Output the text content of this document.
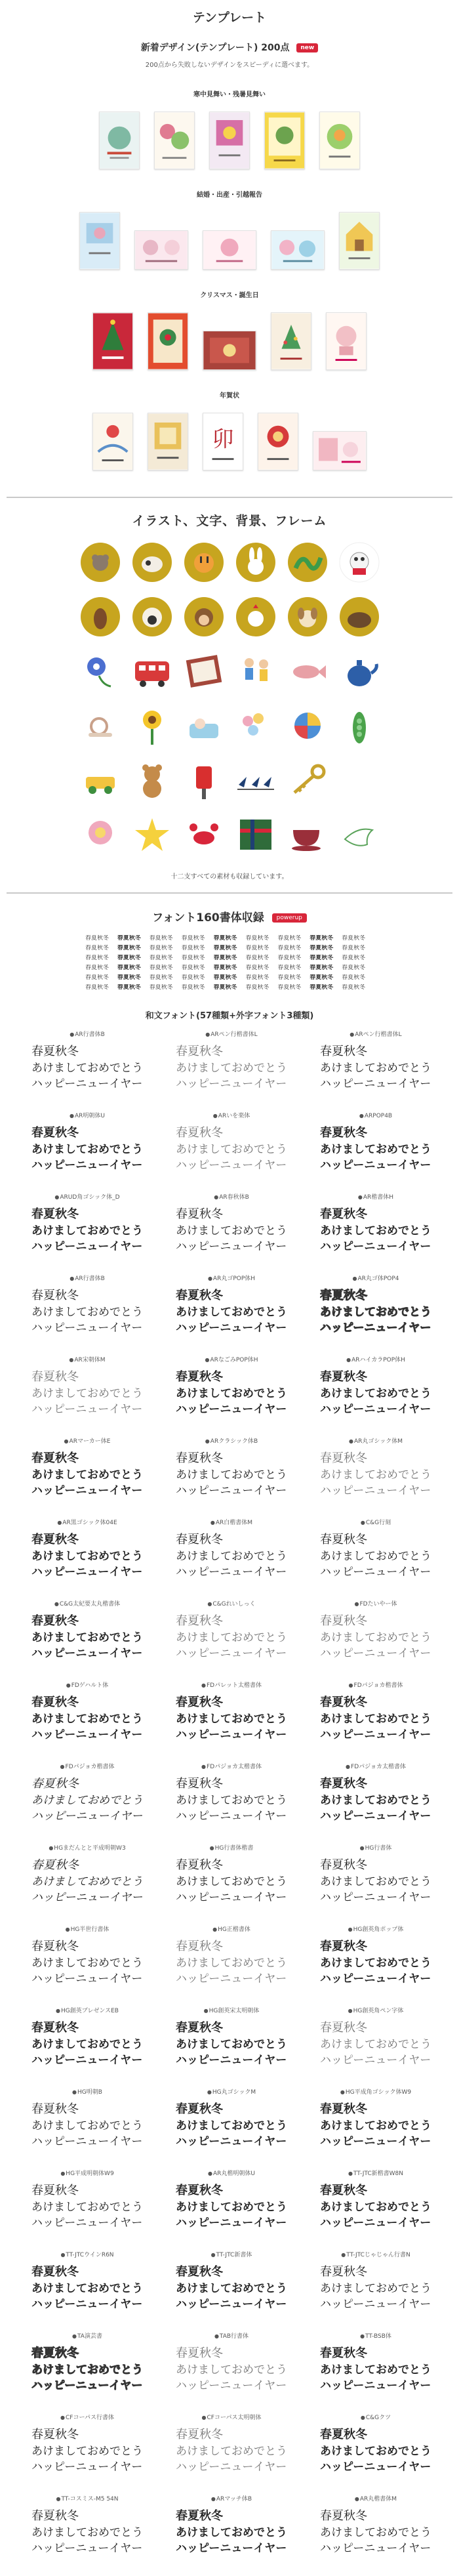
テンプレート
新着デザイン(テンプレート) 200点 new
200点から失敗しないデザインをスピーディに選べます。
寒中見舞い・残暑見舞い
結婚・出産・引越報告
クリスマス・誕生日
年賀状
卯
イラスト、文字、背景、フレーム
十二支すべての素材も収録しています。
フォント160書体収録 powerup
春夏秋冬	春夏秋冬	春夏秋冬	春夏秋冬	春夏秋冬	春夏秋冬	春夏秋冬	春夏秋冬	春夏秋冬
春夏秋冬	春夏秋冬	春夏秋冬	春夏秋冬	春夏秋冬	春夏秋冬	春夏秋冬	春夏秋冬	春夏秋冬
春夏秋冬	春夏秋冬	春夏秋冬	春夏秋冬	春夏秋冬	春夏秋冬	春夏秋冬	春夏秋冬	春夏秋冬
春夏秋冬	春夏秋冬	春夏秋冬	春夏秋冬	春夏秋冬	春夏秋冬	春夏秋冬	春夏秋冬	春夏秋冬
春夏秋冬	春夏秋冬	春夏秋冬	春夏秋冬	春夏秋冬	春夏秋冬	春夏秋冬	春夏秋冬	春夏秋冬
春夏秋冬	春夏秋冬	春夏秋冬	春夏秋冬	春夏秋冬	春夏秋冬	春夏秋冬	春夏秋冬	春夏秋冬
和文フォント(57種類+外字フォント3種類)
● AR行書体B
春夏秋冬
あけましておめでとう
ハッピーニューイヤー
● ARペン行楷書体L
春夏秋冬
あけましておめでとう
ハッピーニューイヤー
● ARペン行楷書体L
春夏秋冬
あけましておめでとう
ハッピーニューイヤー
● AR明朝体U
春夏秋冬
あけましておめでとう
ハッピーニューイヤー
● ARいを楽体
春夏秋冬
あけましておめでとう
ハッピーニューイヤー
● ARPOP4B
春夏秋冬
あけましておめでとう
ハッピーニューイヤー
● ARUD角ゴシック体_D
春夏秋冬
あけましておめでとう
ハッピーニューイヤー
● AR春秋体B
春夏秋冬
あけましておめでとう
ハッピーニューイヤー
● AR楷書体H
春夏秋冬
あけましておめでとう
ハッピーニューイヤー
● AR行書体B
春夏秋冬
あけましておめでとう
ハッピーニューイヤー
● AR丸ゴPOP体H
春夏秋冬
あけましておめでとう
ハッピーニューイヤー
● AR丸ゴ体POP4
春夏秋冬
あけましておめでとう
ハッピーニューイヤー
● AR宋朝体M
春夏秋冬
あけましておめでとう
ハッピーニューイヤー
● ARなごみPOP体H
春夏秋冬
あけましておめでとう
ハッピーニューイヤー
● ARハイカラPOP体H
春夏秋冬
あけましておめでとう
ハッピーニューイヤー
● ARマーカー体E
春夏秋冬
あけましておめでとう
ハッピーニューイヤー
● ARクラシック体B
春夏秋冬
あけましておめでとう
ハッピーニューイヤー
● AR丸ゴシック体M
春夏秋冬
あけましておめでとう
ハッピーニューイヤー
● AR黒ゴシック体04E
春夏秋冬
あけましておめでとう
ハッピーニューイヤー
● AR白楷書体M
春夏秋冬
あけましておめでとう
ハッピーニューイヤー
● C&G行刻
春夏秋冬
あけましておめでとう
ハッピーニューイヤー
● C&G太紀要太丸楷書体
春夏秋冬
あけましておめでとう
ハッピーニューイヤー
● C&Gれいしっく
春夏秋冬
あけましておめでとう
ハッピーニューイヤー
● FDたいやー体
春夏秋冬
あけましておめでとう
ハッピーニューイヤー
● FDゲハルト体
春夏秋冬
あけましておめでとう
ハッピーニューイヤー
● FDパレット太楷書体
春夏秋冬
あけましておめでとう
ハッピーニューイヤー
● FDパジョカ楷書体
春夏秋冬
あけましておめでとう
ハッピーニューイヤー
● FDパジョカ楷書体
春夏秋冬
あけましておめでとう
ハッピーニューイヤー
● FDパジョカ太楷書体
春夏秋冬
あけましておめでとう
ハッピーニューイヤー
● FDパジョカ太楷書体
春夏秋冬
あけましておめでとう
ハッピーニューイヤー
● HGまだんとと平成明朝W3
春夏秋冬
あけましておめでとう
ハッピーニューイヤー
● HG行書体楷書
春夏秋冬
あけましておめでとう
ハッピーニューイヤー
● HG行書体
春夏秋冬
あけましておめでとう
ハッピーニューイヤー
● HG半世行書体
春夏秋冬
あけましておめでとう
ハッピーニューイヤー
● HG正楷書体
春夏秋冬
あけましておめでとう
ハッピーニューイヤー
● HG創英角ポップ体
春夏秋冬
あけましておめでとう
ハッピーニューイヤー
● HG創英プレゼンスEB
春夏秋冬
あけましておめでとう
ハッピーニューイヤー
● HG創英宋太明朝体
春夏秋冬
あけましておめでとう
ハッピーニューイヤー
● HG創英角ペン字体
春夏秋冬
あけましておめでとう
ハッピーニューイヤー
● HG明朝B
春夏秋冬
あけましておめでとう
ハッピーニューイヤー
● HG丸ゴシックM
春夏秋冬
あけましておめでとう
ハッピーニューイヤー
● HG平成角ゴシック体W9
春夏秋冬
あけましておめでとう
ハッピーニューイヤー
● HG平成明朝体W9
春夏秋冬
あけましておめでとう
ハッピーニューイヤー
● AR丸楷明朝体U
春夏秋冬
あけましておめでとう
ハッピーニューイヤー
● TT-JTC新楷書W8N
春夏秋冬
あけましておめでとう
ハッピーニューイヤー
● TT-JTCウインR6N
春夏秋冬
あけましておめでとう
ハッピーニューイヤー
● TT-JTC新書体
春夏秋冬
あけましておめでとう
ハッピーニューイヤー
● TT-JTCじゃじゃん行書N
春夏秋冬
あけましておめでとう
ハッピーニューイヤー
● TA演芸書
春夏秋冬
あけましておめでとう
ハッピーニューイヤー
● TAB行書体
春夏秋冬
あけましておめでとう
ハッピーニューイヤー
● TT-BSB体
春夏秋冬
あけましておめでとう
ハッピーニューイヤー
● CFコーパス行書体
春夏秋冬
あけましておめでとう
ハッピーニューイヤー
● CFコーパス太明朝体
春夏秋冬
あけましておめでとう
ハッピーニューイヤー
● C&Gクツ
春夏秋冬
あけましておめでとう
ハッピーニューイヤー
● TT-コスミス-M5 54N
春夏秋冬
あけましておめでとう
ハッピーニューイヤー
● ARマッチ体B
春夏秋冬
あけましておめでとう
ハッピーニューイヤー
● AR丸楷書体M
春夏秋冬
あけましておめでとう
ハッピーニューイヤー
